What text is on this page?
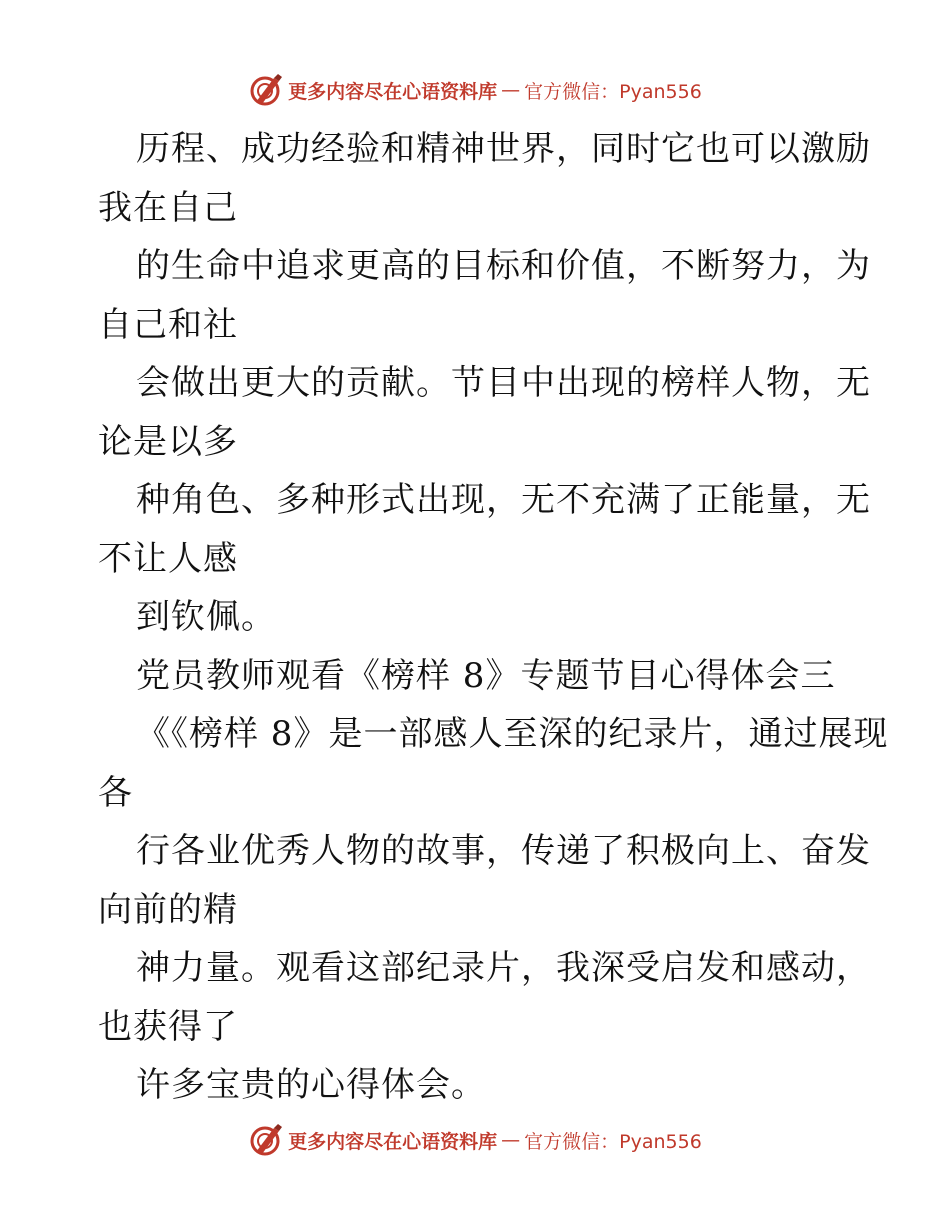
更多内容尽在心语资料库 — 官方微信：Pyan556
历程、成功经验和精神世界，同时它也可以激励
我在自己
的生命中追求更高的目标和价值，不断努力，为
自己和社
会做出更大的贡献。节目中出现的榜样人物，无
论是以多
种角色、多种形式出现，无不充满了正能量，无
不让人感
到钦佩。
党员教师观看《榜样 8》专题节目心得体会三
《《榜样 8》是一部感人至深的纪录片，通过展现
各
行各业优秀人物的故事，传递了积极向上、奋发
向前的精
神力量。观看这部纪录片，我深受启发和感动，
也获得了
许多宝贵的心得体会。
更多内容尽在心语资料库 — 官方微信：Pyan556
